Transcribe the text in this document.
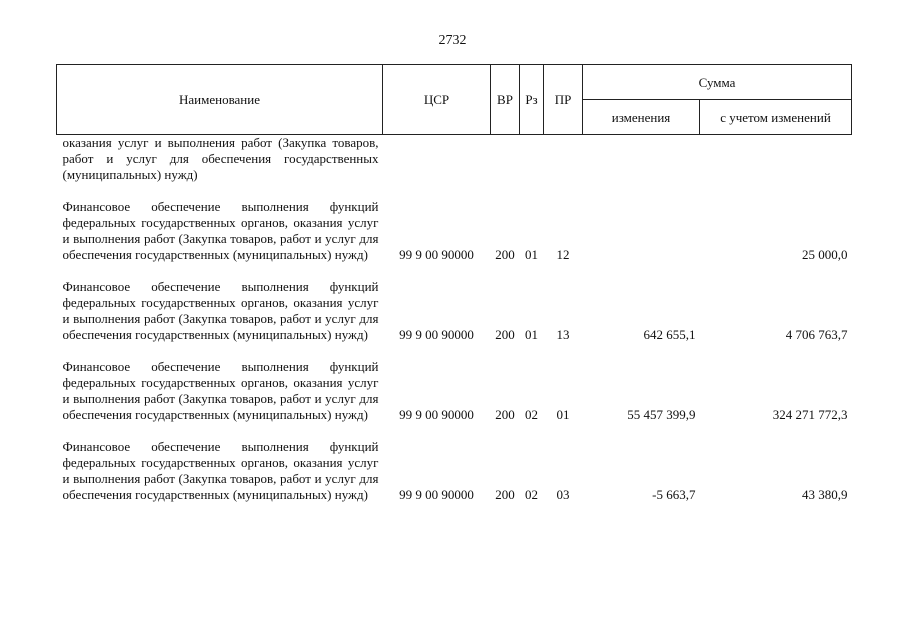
2732
Наименование	ЦСР	ВР	Рз	ПР	Сумма	
					изменения	с учетом изменений
оказания услуг и выполнения работ (Закупка товаров, работ и услуг для обеспечения государственных (муниципальных) нужд)						

Финансовое обеспечение выполнения функций федеральных государственных органов, оказания услуг и выполнения работ (Закупка товаров, работ и услуг для обеспечения государственных (муниципальных) нужд)	99 9 00 90000	200	01	12		25 000,0

Финансовое обеспечение выполнения функций федеральных государственных органов, оказания услуг и выполнения работ (Закупка товаров, работ и услуг для обеспечения государственных (муниципальных) нужд)	99 9 00 90000	200	01	13	642 655,1	4 706 763,7

Финансовое обеспечение выполнения функций федеральных государственных органов, оказания услуг и выполнения работ (Закупка товаров, работ и услуг для обеспечения государственных (муниципальных) нужд)	99 9 00 90000	200	02	01	55 457 399,9	324 271 772,3

Финансовое обеспечение выполнения функций федеральных государственных органов, оказания услуг и выполнения работ (Закупка товаров, работ и услуг для обеспечения государственных (муниципальных) нужд)	99 9 00 90000	200	02	03	-5 663,7	43 380,9
